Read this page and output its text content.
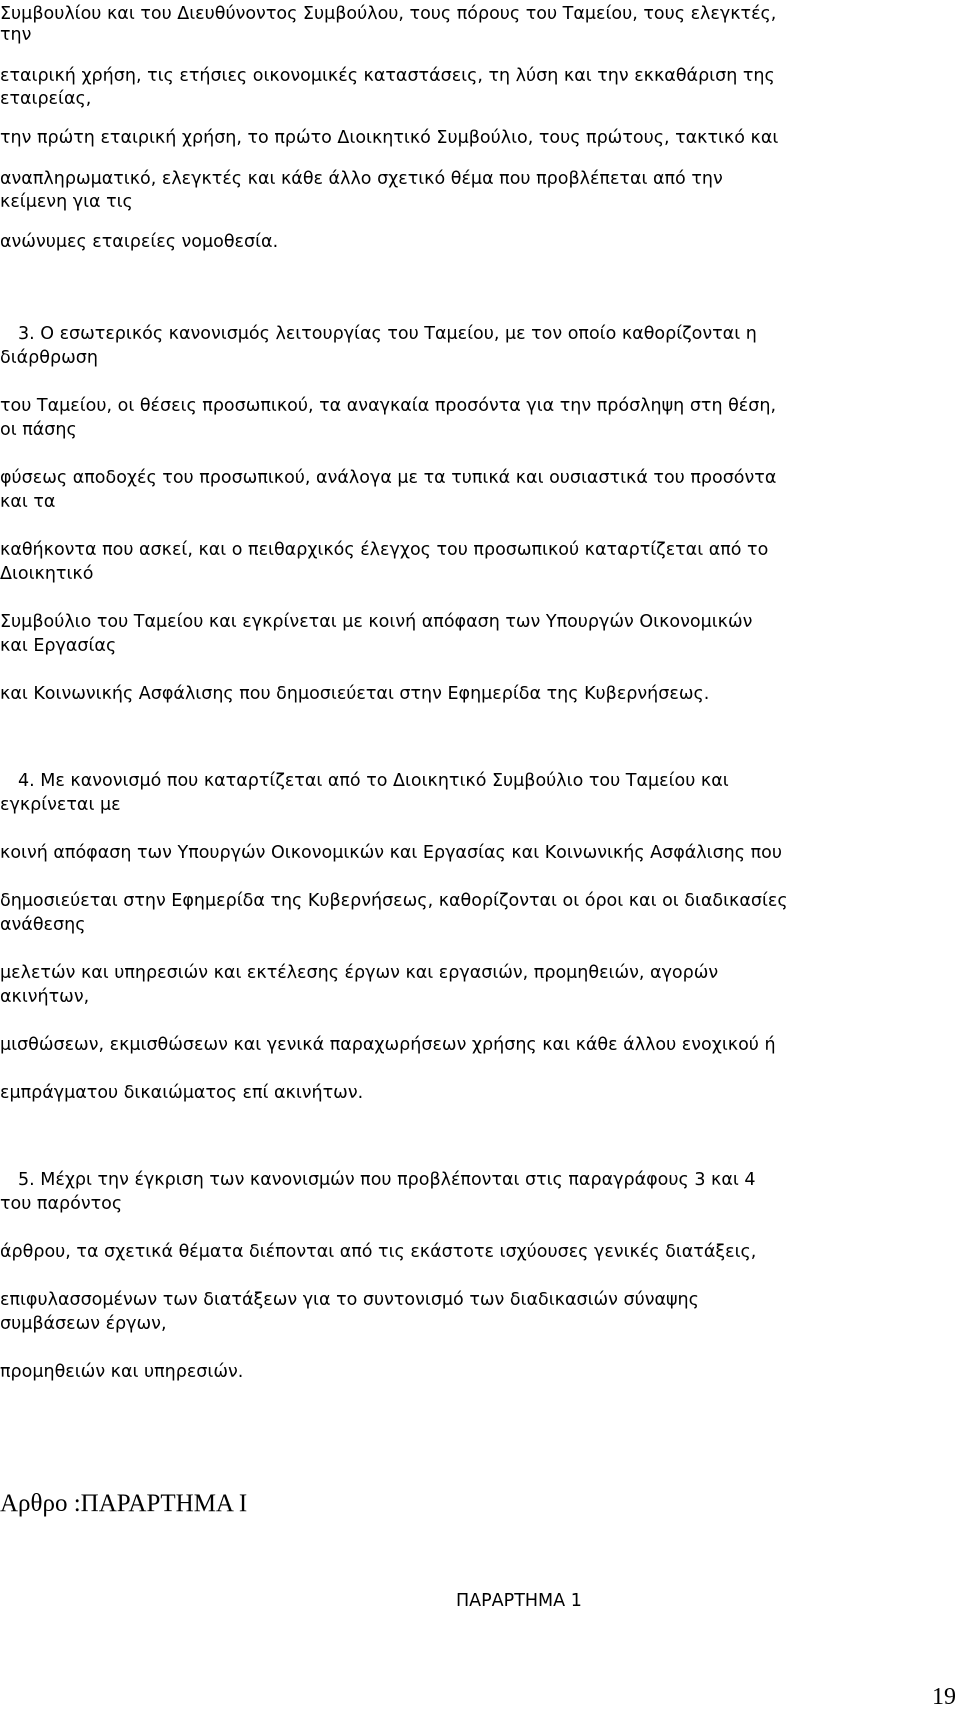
Συμβουλίου και του Διευθύνοντος Συμβούλου, τους πόρους του Ταμείου, τους ελεγκτές,

την

εταιρική χρήση, τις ετήσιες οικονομικές καταστάσεις, τη λύση και την εκκαθάριση της

εταιρείας,

την πρώτη εταιρική χρήση, το πρώτο Διοικητικό Συμβούλιο, τους πρώτους, τακτικό και

αναπληρωματικό, ελεγκτές και κάθε άλλο σχετικό θέμα που προβλέπεται από την

κείμενη για τις

ανώνυμες εταιρείες νομοθεσία.

3. Ο εσωτερικός κανονισμός λειτουργίας του Ταμείου, με τον οποίο καθορίζονται η

διάρθρωση

του Ταμείου, οι θέσεις προσωπικού, τα αναγκαία προσόντα για την πρόσληψη στη θέση,

οι πάσης

φύσεως αποδοχές του προσωπικού, ανάλογα με τα τυπικά και ουσιαστικά του προσόντα

και τα

καθήκοντα που ασκεί, και ο πειθαρχικός έλεγχος του προσωπικού καταρτίζεται από το

Διοικητικό

Συμβούλιο του Ταμείου και εγκρίνεται με κοινή απόφαση των Υπουργών Οικονομικών

και Εργασίας

και Κοινωνικής Ασφάλισης που δημοσιεύεται στην Εφημερίδα της Κυβερνήσεως.

4. Με κανονισμό που καταρτίζεται από το Διοικητικό Συμβούλιο του Ταμείου και

εγκρίνεται με

κοινή απόφαση των Υπουργών Οικονομικών και Εργασίας και Κοινωνικής Ασφάλισης που

δημοσιεύεται στην Εφημερίδα της Κυβερνήσεως, καθορίζονται οι όροι και οι διαδικασίες

ανάθεσης

μελετών και υπηρεσιών και εκτέλεσης έργων και εργασιών, προμηθειών, αγορών

ακινήτων,

μισθώσεων, εκμισθώσεων και γενικά παραχωρήσεων χρήσης και κάθε άλλου ενοχικού ή

εμπράγματου δικαιώματος επί ακινήτων.

5. Μέχρι την έγκριση των κανονισμών που προβλέπονται στις παραγράφους 3 και 4

του παρόντος

άρθρου, τα σχετικά θέματα διέπονται από τις εκάστοτε ισχύουσες γενικές διατάξεις,

επιφυλασσομένων των διατάξεων για το συντονισμό των διαδικασιών σύναψης

συμβάσεων έργων,

προμηθειών και υπηρεσιών.

Αρθρο :ΠΑΡΑΡΤΗΜΑ Ι

ΠΑΡΑΡΤΗΜΑ 1

19
